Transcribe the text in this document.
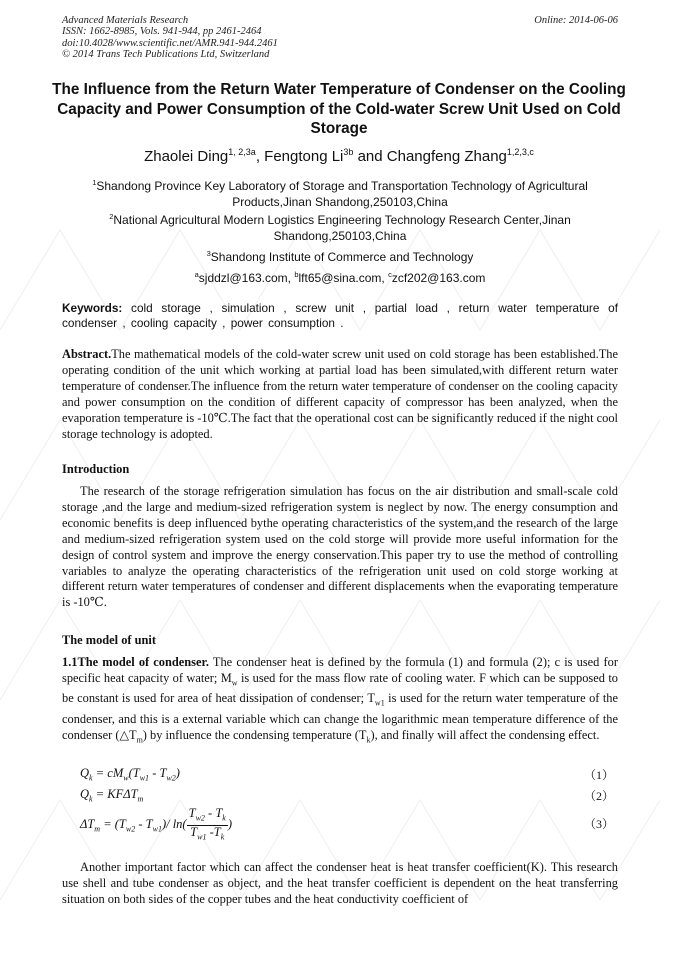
Advanced Materials Research
ISSN: 1662-8985, Vols. 941-944, pp 2461-2464
doi:10.4028/www.scientific.net/AMR.941-944.2461
© 2014 Trans Tech Publications Ltd, Switzerland
Online: 2014-06-06
The Influence from the Return Water Temperature of Condenser on the Cooling Capacity and Power Consumption of the Cold-water Screw Unit Used on Cold Storage
Zhaolei Ding$^{1, 2,3a}$, Fengtong $Li^{3b}$ and Changfeng Zhang$^{1,2,3,c}$
$^1$Shandong Province Key Laboratory of Storage and Transportation Technology of Agricultural Products,Jinan Shandong,250103,China
$^2$National Agricultural Modern Logistics Engineering Technology Research Center,Jinan Shandong,250103,China
$^3$Shandong Institute of Commerce and Technology
$^a$sjddzl@163.com, $^b$lft65@sina.com, $^c$zcf202@163.com
Keywords: cold storage , simulation , screw unit , partial load , return water temperature of condenser , cooling capacity , power consumption .
Abstract.The mathematical models of the cold-water screw unit used on cold storage has been established.The operating condition of the unit which working at partial load has been simulated,with different return water temperature of condenser.The influence from the return water temperature of condenser on the cooling capacity and power consumption on the condition of different capacity of compressor has been analyzed, when the evaporation temperature is -10℃.The fact that the operational cost can be significantly reduced if the night cool storage technology is adopted.
Introduction
The research of the storage refrigeration simulation has focus on the air distribution and small-scale cold storage ,and the large and medium-sized refrigeration system is neglect by now. The energy consumption and economic benefits is deep influenced bythe operating characteristics of the system,and the research of the large and medium-sized refrigeration system used on the cold storge will provide more useful information for the design of control system and improve the energy conservation.This paper try to use the method of controlling variables to analyze the operating characteristics of the refrigeration unit used on cold storge working at different return water temperatures of condenser and different displacements when the evaporating temperature is -10℃.
The model of unit
1.1The model of condenser. The condenser heat is defined by the formula (1) and formula (2); c is used for specific heat capacity of water; $M_w$ is used for the mass flow rate of cooling water. F which can be supposed to be constant is used for area of heat dissipation of condenser; $T_{w1}$ is used for the return water temperature of the condenser, and this is a external variable which can change the logarithmic mean temperature difference of the condenser $(\triangle T_m)$ by influence the condensing temperature $(T_k)$, and finally will affect the condensing effect.
$Q_k = cM_w(T_{w1} - T_{w2})$	（1）
$Q_k = KF\Delta T_m$	（2）
$\Delta T_m = (T_{w2} - T_{w1})/$ $\ln( \frac{T_{w2} - T_k}{T_{w1} -T_k}$ )	（3）
Another important factor which can affect the condenser heat is heat transfer coefficient(K). This research use shell and tube condenser as object, and the heat transfer coefficient is dependent on the heat transferring situation on both sides of the copper tubes and the heat conductivity coefficient of
